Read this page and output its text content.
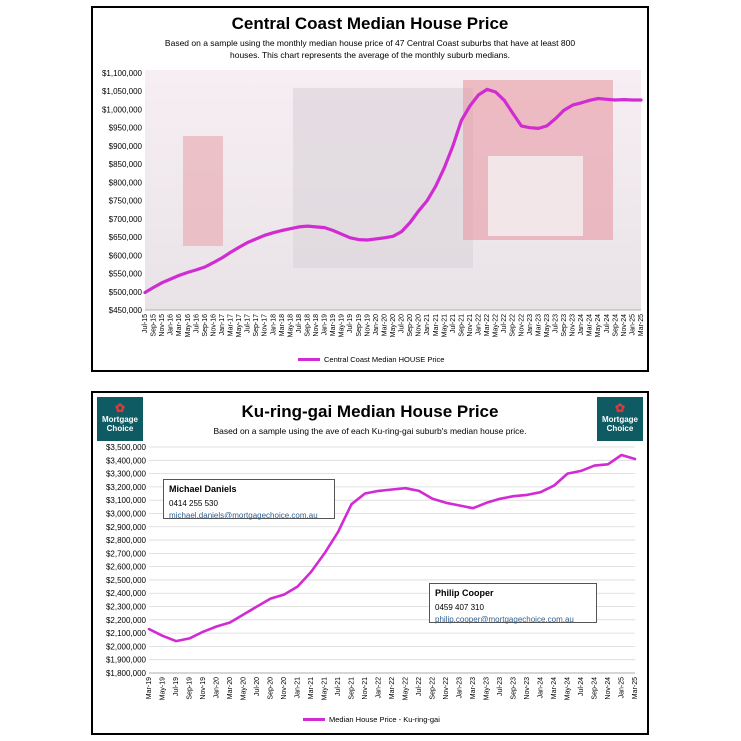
Central Coast Median House Price
Based on a sample using the monthly median house price of 47 Central Coast suburbs that have at least 800 houses. This chart represents the average of the monthly suburb medians.
$450,000
$500,000
$550,000
$600,000
$650,000
$700,000
$750,000
$800,000
$850,000
$900,000
$950,000
$1,000,000
$1,050,000
$1,100,000
Jul-15 Sep-15 Nov-15 Jan-16 Mar-16 May-16 Jul-16 Sep-16 Nov-16 Jan-17 Mar-17 May-17 Jul-17 Sep-17 Nov-17 Jan-18 Mar-18 May-18 Jul-18 Sep-18 Nov-18 Jan-19 Mar-19 May-19 Jul-19 Sep-19 Nov-19 Jan-20 Mar-20 May-20 Jul-20 Sep-20 Nov-20 Jan-21 Mar-21 May-21 Jul-21 Sep-21 Nov-21 Jan-22 Mar-22 May-22 Jul-22 Sep-22 Nov-22 Jan-23 Mar-23 May-23 Jul-23 Sep-23 Nov-23 Jan-24 Mar-24 May-24 Jul-24 Sep-24 Nov-24 Jan-25 Mar-25
Central Coast Median HOUSE Price
✿
Mortgage
Choice
✿
Mortgage
Choice
Ku-ring-gai Median House Price
Based on a sample using the ave of each Ku-ring-gai suburb's median house price.
$1,800,000
$1,900,000
$2,000,000
$2,100,000
$2,200,000
$2,300,000
$2,400,000
$2,500,000
$2,600,000
$2,700,000
$2,800,000
$2,900,000
$3,000,000
$3,100,000
$3,200,000
$3,300,000
$3,400,000
$3,500,000
Mar-19 May-19 Jul-19 Sep-19 Nov-19 Jan-20 Mar-20 May-20 Jul-20 Sep-20 Nov-20 Jan-21 Mar-21 May-21 Jul-21 Sep-21 Nov-21 Jan-22 Mar-22 May-22 Jul-22 Sep-22 Nov-22 Jan-23 Mar-23 May-23 Jul-23 Sep-23 Nov-23 Jan-24 Mar-24 May-24 Jul-24 Sep-24 Nov-24 Jan-25 Mar-25
Michael Daniels
0414 255 530
michael.daniels@mortgagechoice.com.au
Philip Cooper
0459 407 310
philip.cooper@mortgagechoice.com.au
Median House Price - Ku-ring-gai
